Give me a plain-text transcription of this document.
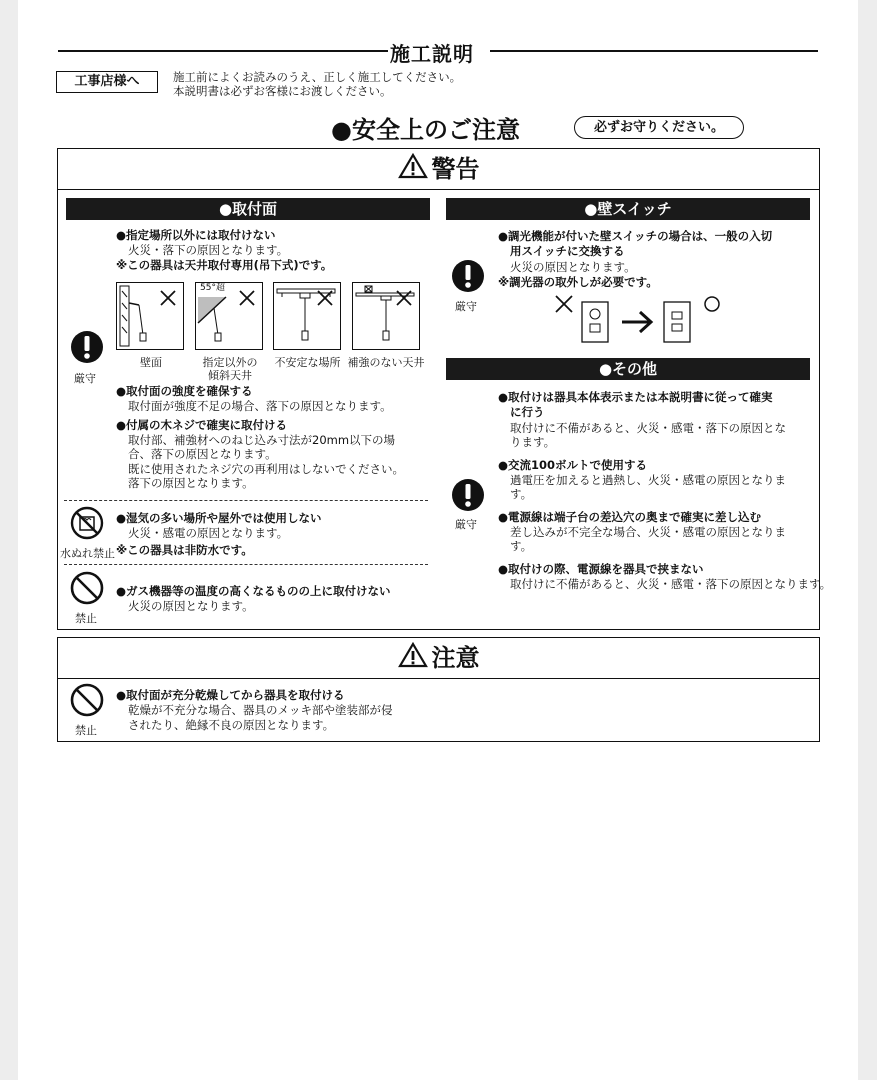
施工説明
工事店様へ	施工前によくお読みのうえ、正しく施工してください。
本説明書は必ずお客様にお渡しください。
●安全上のご注意	必ずお守りください。
警告
●取付面
●指定場所以外には取付けない
火災・落下の原因となります。
※この器具は天井取付専用(吊下式)です。
55°超
壁面	指定以外の
傾斜天井
不安定な場所 補強のない天井
厳守
●取付面の強度を確保する
取付面が強度不足の場合、落下の原因となります。
●付属の木ネジで確実に取付ける
取付部、補強材へのねじ込み寸法が20mm以下の場
合、落下の原因となります。
既に使用されたネジ穴の再利用はしないでください。
落下の原因となります。
水ぬれ禁止
●湿気の多い場所や屋外では使用しない
火災・感電の原因となります。
※この器具は非防水です。
禁止
●ガス機器等の温度の高くなるものの上に取付けない
火災の原因となります。
●壁スイッチ
厳守
●調光機能が付いた壁スイッチの場合は、一般の入切
用スイッチに交換する
火災の原因となります。
※調光器の取外しが必要です。
●その他
厳守
●取付けは器具本体表示または本説明書に従って確実
に行う
取付けに不備があると、火災・感電・落下の原因とな
ります。
●交流100ボルトで使用する
過電圧を加えると過熱し、火災・感電の原因となりま
す。
●電源線は端子台の差込穴の奥まで確実に差し込む
差し込みが不完全な場合、火災・感電の原因となりま
す。
●取付けの際、電源線を器具で挟まない
取付けに不備があると、火災・感電・落下の原因となります。
注意
禁止
●取付面が充分乾燥してから器具を取付ける
乾燥が不充分な場合、器具のメッキ部や塗装部が侵
されたり、絶縁不良の原因となります。
